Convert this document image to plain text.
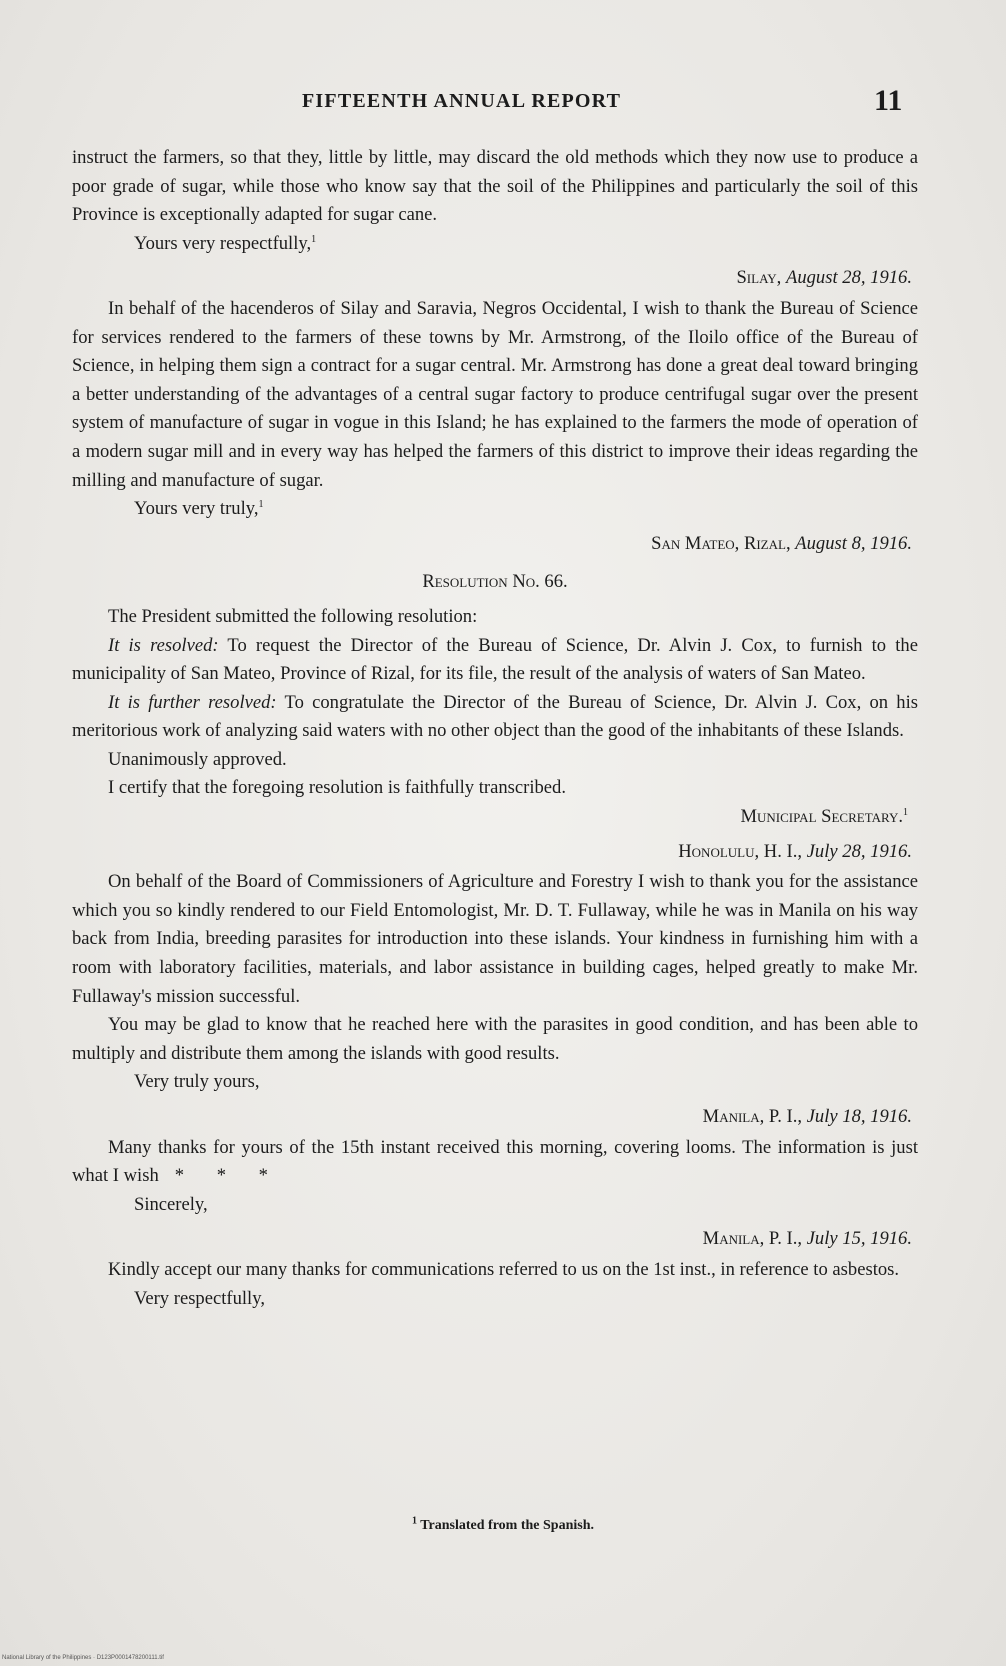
FIFTEENTH ANNUAL REPORT	11

instruct the farmers, so that they, little by little, may discard the old methods which they now use to produce a poor grade of sugar, while those who know say that the soil of the Philippines and particularly the soil of this Province is exceptionally adapted for sugar cane.

Yours very respectfully,$^1$

Silay, August 28, 1916.

In behalf of the hacenderos of Silay and Saravia, Negros Occidental, I wish to thank the Bureau of Science for services rendered to the farmers of these towns by Mr. Armstrong, of the Iloilo office of the Bureau of Science, in helping them sign a contract for a sugar central. Mr. Armstrong has done a great deal toward bringing a better understanding of the advantages of a central sugar factory to produce centrifugal sugar over the present system of manufacture of sugar in vogue in this Island; he has explained to the farmers the mode of operation of a modern sugar mill and in every way has helped the farmers of this district to improve their ideas regarding the milling and manufacture of sugar.

Yours very truly,$^1$

San Mateo, Rizal, August 8, 1916.

Resolution No. 66.

The President submitted the following resolution:

It is resolved: To request the Director of the Bureau of Science, Dr. Alvin J. Cox, to furnish to the municipality of San Mateo, Province of Rizal, for its file, the result of the analysis of waters of San Mateo.

It is further resolved: To congratulate the Director of the Bureau of Science, Dr. Alvin J. Cox, on his meritorious work of analyzing said waters with no other object than the good of the inhabitants of these Islands.

Unanimously approved.

I certify that the foregoing resolution is faithfully transcribed.

Municipal Secretary.$^1$

Honolulu, H. I., July 28, 1916.

On behalf of the Board of Commissioners of Agriculture and Forestry I wish to thank you for the assistance which you so kindly rendered to our Field Entomologist, Mr. D. T. Fullaway, while he was in Manila on his way back from India, breeding parasites for introduction into these islands. Your kindness in furnishing him with a room with laboratory facilities, materials, and labor assistance in building cages, helped greatly to make Mr. Fullaway's mission successful.

You may be glad to know that he reached here with the parasites in good condition, and has been able to multiply and distribute them among the islands with good results.

Very truly yours,

Manila, P. I., July 18, 1916.

Many thanks for yours of the 15th instant received this morning, covering looms. The information is just what I wish * * *

Sincerely,

Manila, P. I., July 15, 1916.

Kindly accept our many thanks for communications referred to us on the 1st inst., in reference to asbestos.

Very respectfully,

$^1$ Translated from the Spanish.
National Library of the Philippines · D123P0001478200111.tif
